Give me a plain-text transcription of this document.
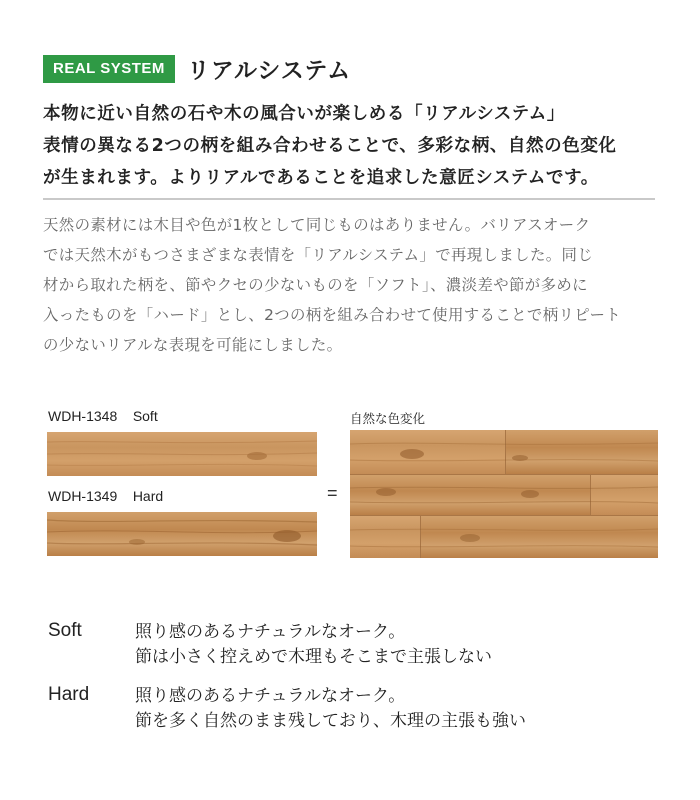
REAL SYSTEM リアルシステム
本物に近い自然の石や木の風合いが楽しめる「リアルシステム」
表情の異なる2つの柄を組み合わせることで、多彩な柄、自然の色変化
が生まれます。よりリアルであることを追求した意匠システムです。
天然の素材には木目や色が1枚として同じものはありません。バリアスオーク
では天然木がもつさまざまな表情を「リアルシステム」で再現しました。同じ
材から取れた柄を、節やクセの少ないものを「ソフト」、濃淡差や節が多めに
入ったものを「ハード」とし、2つの柄を組み合わせて使用することで柄リピート
の少ないリアルな表現を可能にしました。
WDH-1348 Soft
WDH-1349 Hard	=
自然な色変化
Soft	照り感のあるナチュラルなオーク。
節は小さく控えめで木理もそこまで主張しない
Hard	照り感のあるナチュラルなオーク。
節を多く自然のまま残しており、木理の主張も強い
